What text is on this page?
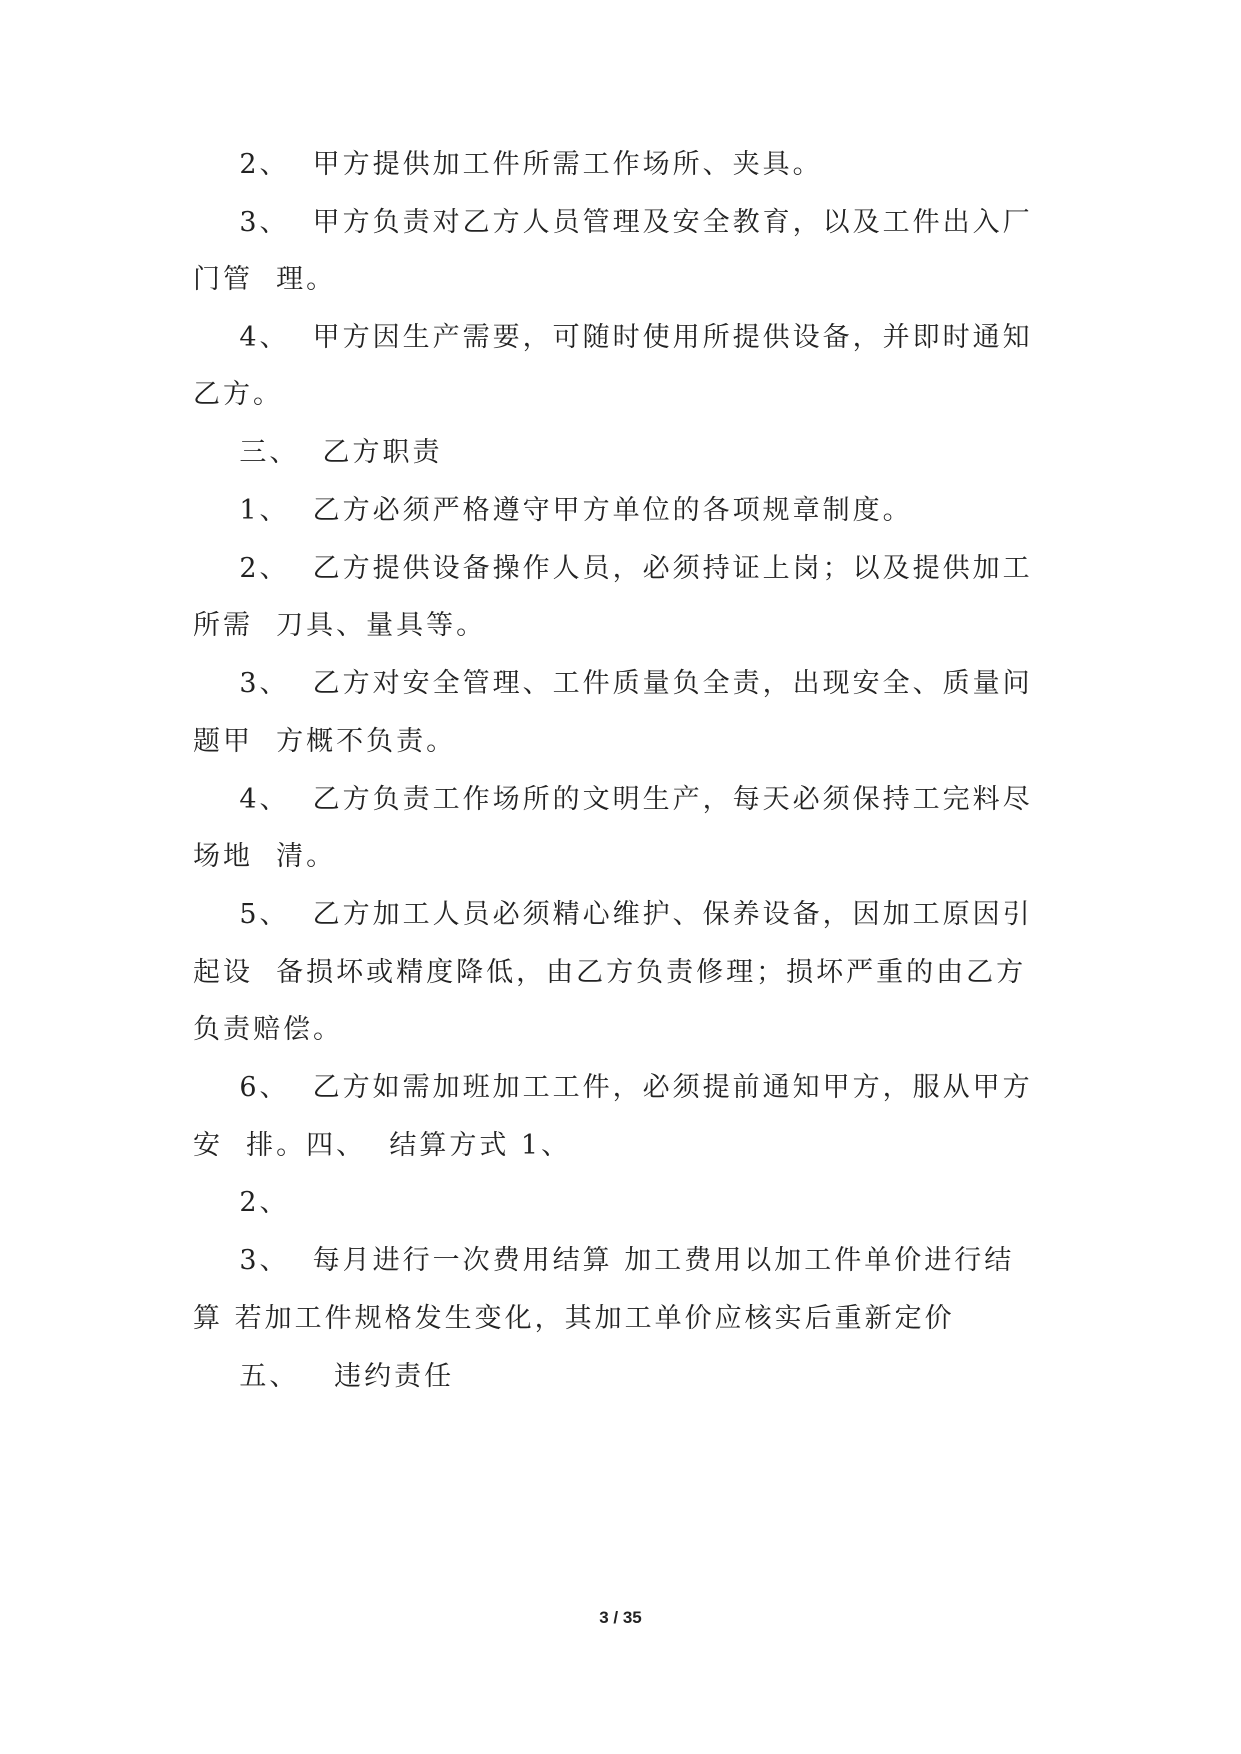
2、  甲方提供加工件所需工作场所、夹具。
3、  甲方负责对乙方人员管理及安全教育，以及工件出入厂
门管  理。
4、  甲方因生产需要，可随时使用所提供设备，并即时通知
乙方。
三、  乙方职责
1、  乙方必须严格遵守甲方单位的各项规章制度。
2、  乙方提供设备操作人员，必须持证上岗；以及提供加工
所需  刀具、量具等。
3、  乙方对安全管理、工件质量负全责，出现安全、质量问
题甲  方概不负责。
4、  乙方负责工作场所的文明生产，每天必须保持工完料尽
场地  清。
5、  乙方加工人员必须精心维护、保养设备，因加工原因引
起设  备损坏或精度降低，由乙方负责修理；损坏严重的由乙方
负责赔偿。
6、  乙方如需加班加工工件，必须提前通知甲方，服从甲方
安  排。四、  结算方式 1、
2、
3、  每月进行一次费用结算 加工费用以加工件单价进行结
算 若加工件规格发生变化，其加工单价应核实后重新定价
五、   违约责任
3 / 35
